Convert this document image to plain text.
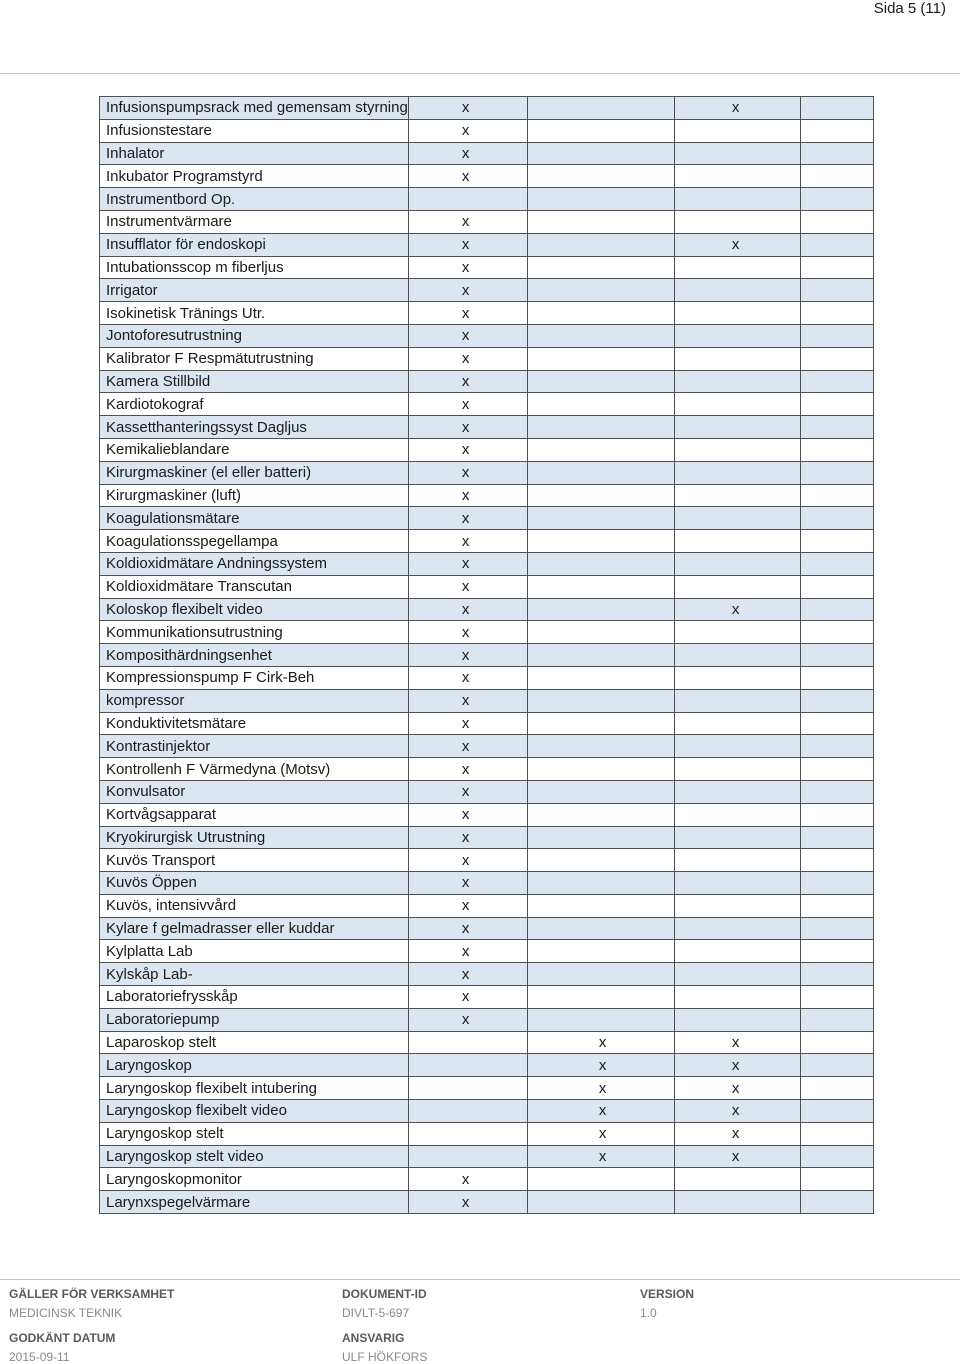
Sida 5 (11)
Infusionspumpsrack med gemensam styrning	x		x	

Infusionstestare	x			

Inhalator	x			

Inkubator Programstyrd	x			

Instrumentbord Op.	

Instrumentvärmare	x			

Insufflator för endoskopi	x		x	

Intubationsscop m fiberljus	x			

Irrigator	x			

Isokinetisk Tränings Utr.	x			

Jontoforesutrustning	x			

Kalibrator F Respmätutrustning	x			

Kamera Stillbild	x			

Kardiotokograf	x			

Kassetthanteringssyst Dagljus	x			

Kemikalieblandare	x			

Kirurgmaskiner (el eller batteri)	x			

Kirurgmaskiner (luft)	x			

Koagulationsmätare	x			

Koagulationsspegellampa	x			

Koldioxidmätare Andningssystem	x			

Koldioxidmätare Transcutan	x			

Koloskop flexibelt video	x		x	

Kommunikationsutrustning	x			

Komposithärdningsenhet	x			

Kompressionspump F Cirk-Beh	x			

kompressor	x			

Konduktivitetsmätare	x			

Kontrastinjektor	x			

Kontrollenh F Värmedyna (Motsv)	x			

Konvulsator	x			

Kortvågsapparat	x			

Kryokirurgisk Utrustning	x			

Kuvös Transport	x			

Kuvös Öppen	x			

Kuvös, intensivvård	x			

Kylare f gelmadrasser eller kuddar	x			

Kylplatta Lab	x			

Kylskåp Lab-	x			

Laboratoriefrysskåp	x			

Laboratoriepump	x			

Laparoskop stelt		x	x	

Laryngoskop		x	x	

Laryngoskop flexibelt intubering		x	x	

Laryngoskop flexibelt video		x	x	

Laryngoskop stelt		x	x	

Laryngoskop stelt video		x	x	

Laryngoskopmonitor	x			

Larynxspegelvärmare	x			

GÄLLER FÖR VERKSAMHET
MEDICINSK TEKNIK
DOKUMENT-ID
DIVLT-5-697
VERSION
1.0
GODKÄNT DATUM
2015-09-11
ANSVARIG
ULF HÖKFORS
